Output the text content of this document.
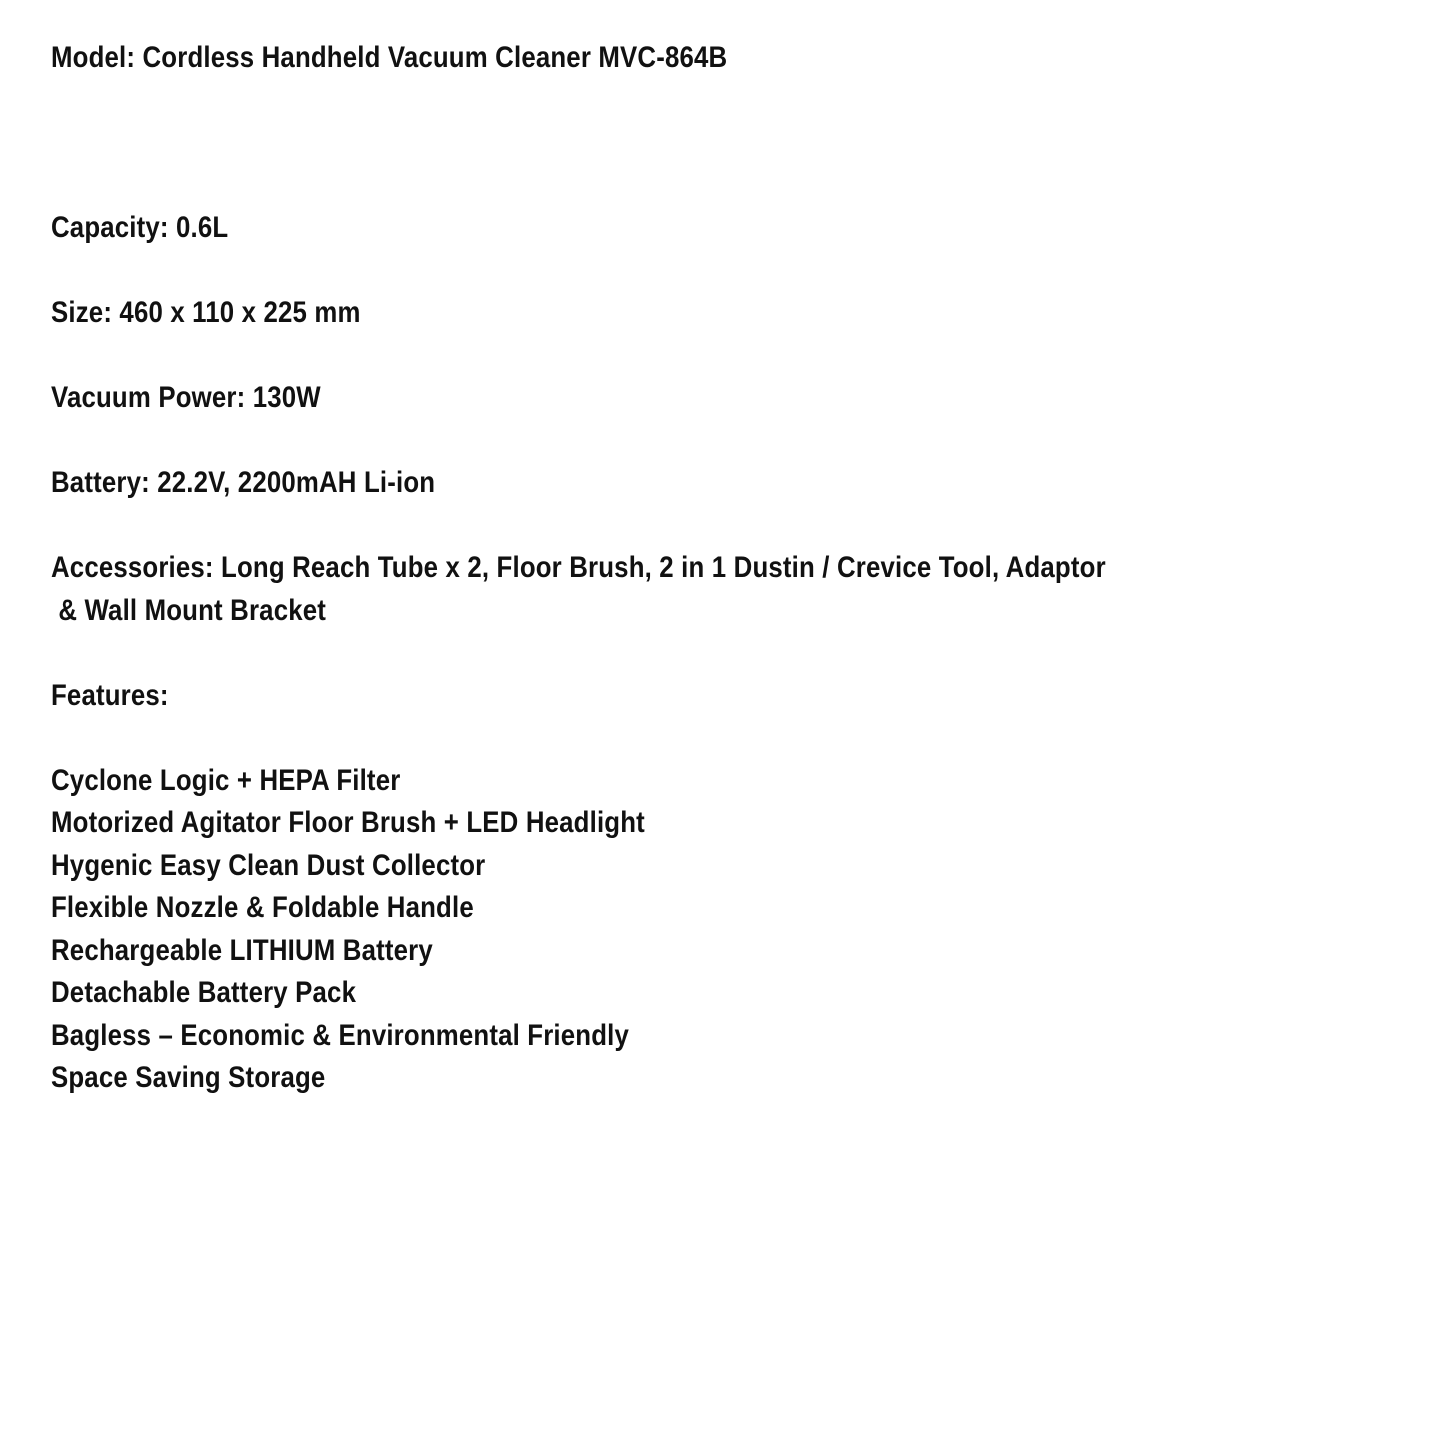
Model: Cordless Handheld Vacuum Cleaner MVC-864B
Capacity: 0.6L
Size: 460 x 110 x 225 mm
Vacuum Power: 130W
Battery: 22.2V, 2200mAH Li-ion
Accessories: Long Reach Tube x 2, Floor Brush, 2 in 1 Dustin / Crevice Tool, Adaptor
& Wall Mount Bracket
Features:
Cyclone Logic + HEPA Filter
Motorized Agitator Floor Brush + LED Headlight
Hygenic Easy Clean Dust Collector
Flexible Nozzle & Foldable Handle
Rechargeable LITHIUM Battery
Detachable Battery Pack
Bagless – Economic & Environmental Friendly
Space Saving Storage
